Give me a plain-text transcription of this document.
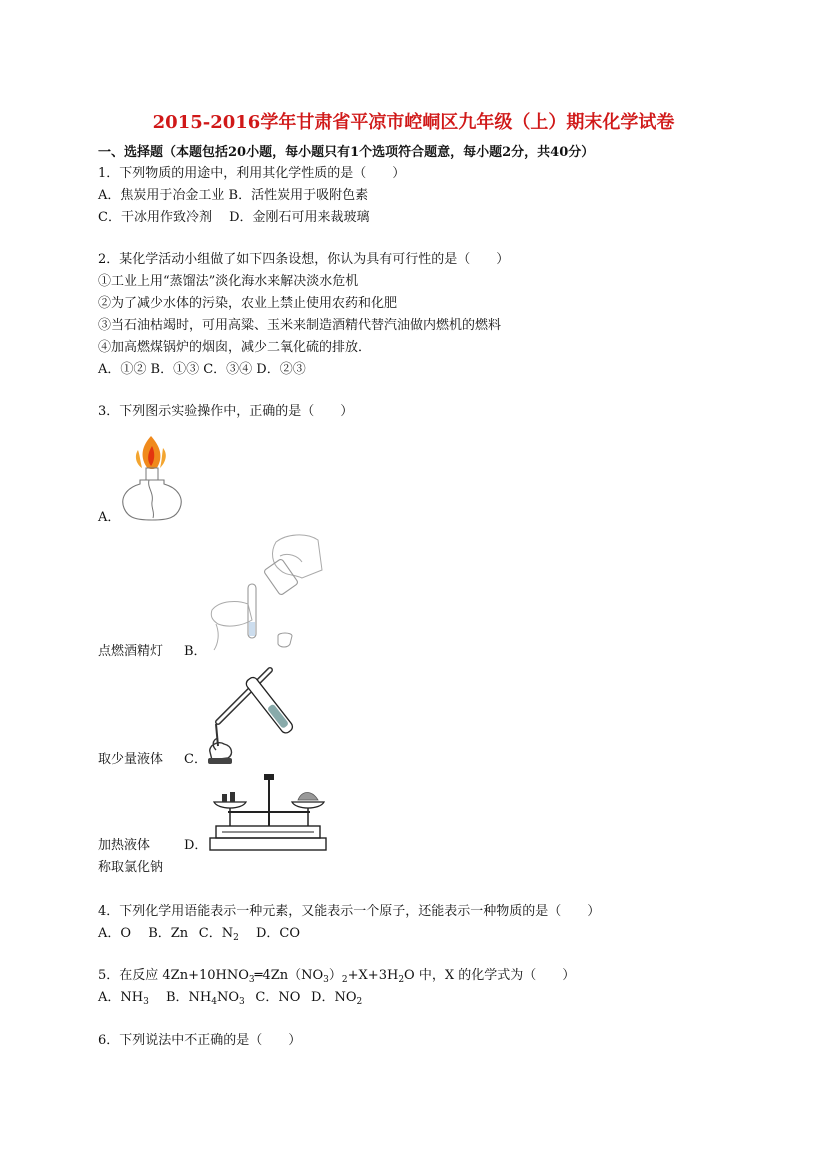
2015-2016学年甘肃省平凉市崆峒区九年级（上）期末化学试卷
一、选择题（本题包括20小题，每小题只有1个选项符合题意，每小题2分，共40分）
1．下列物质的用途中，利用其化学性质的是（　　）
A．焦炭用于冶金工业 B．活性炭用于吸附色素
C．干冰用作致冷剂　 D．金刚石可用来裁玻璃
2．某化学活动小组做了如下四条设想，你认为具有可行性的是（　　）
①工业上用“蒸馏法”淡化海水来解决淡水危机
②为了减少水体的污染，农业上禁止使用农药和化肥
③当石油枯竭时，可用高粱、玉米来制造酒精代替汽油做内燃机的燃料
④加高燃煤锅炉的烟囱，减少二氧化硫的排放．
A．①② B．①③ C．③④ D．②③
3．下列图示实验操作中，正确的是（　　）
A．
点燃酒精灯 B．
取少量液体 C．
加热液体	D．
称取氯化钠
4．下列化学用语能表示一种元素，又能表示一个原子，还能表示一种物质的是（　　）
A．O  B．Zn  C．$N_2$  D．CO
5．在反应 $4Zn+10HNO_3═4Zn(NO_3)_2+X+3H_2O$ 中，X 的化学式为（　　）
A．$NH_3$  B．$NH_4NO_3$  C．NO  D．$NO_2$
6．下列说法中不正确的是（　　）
